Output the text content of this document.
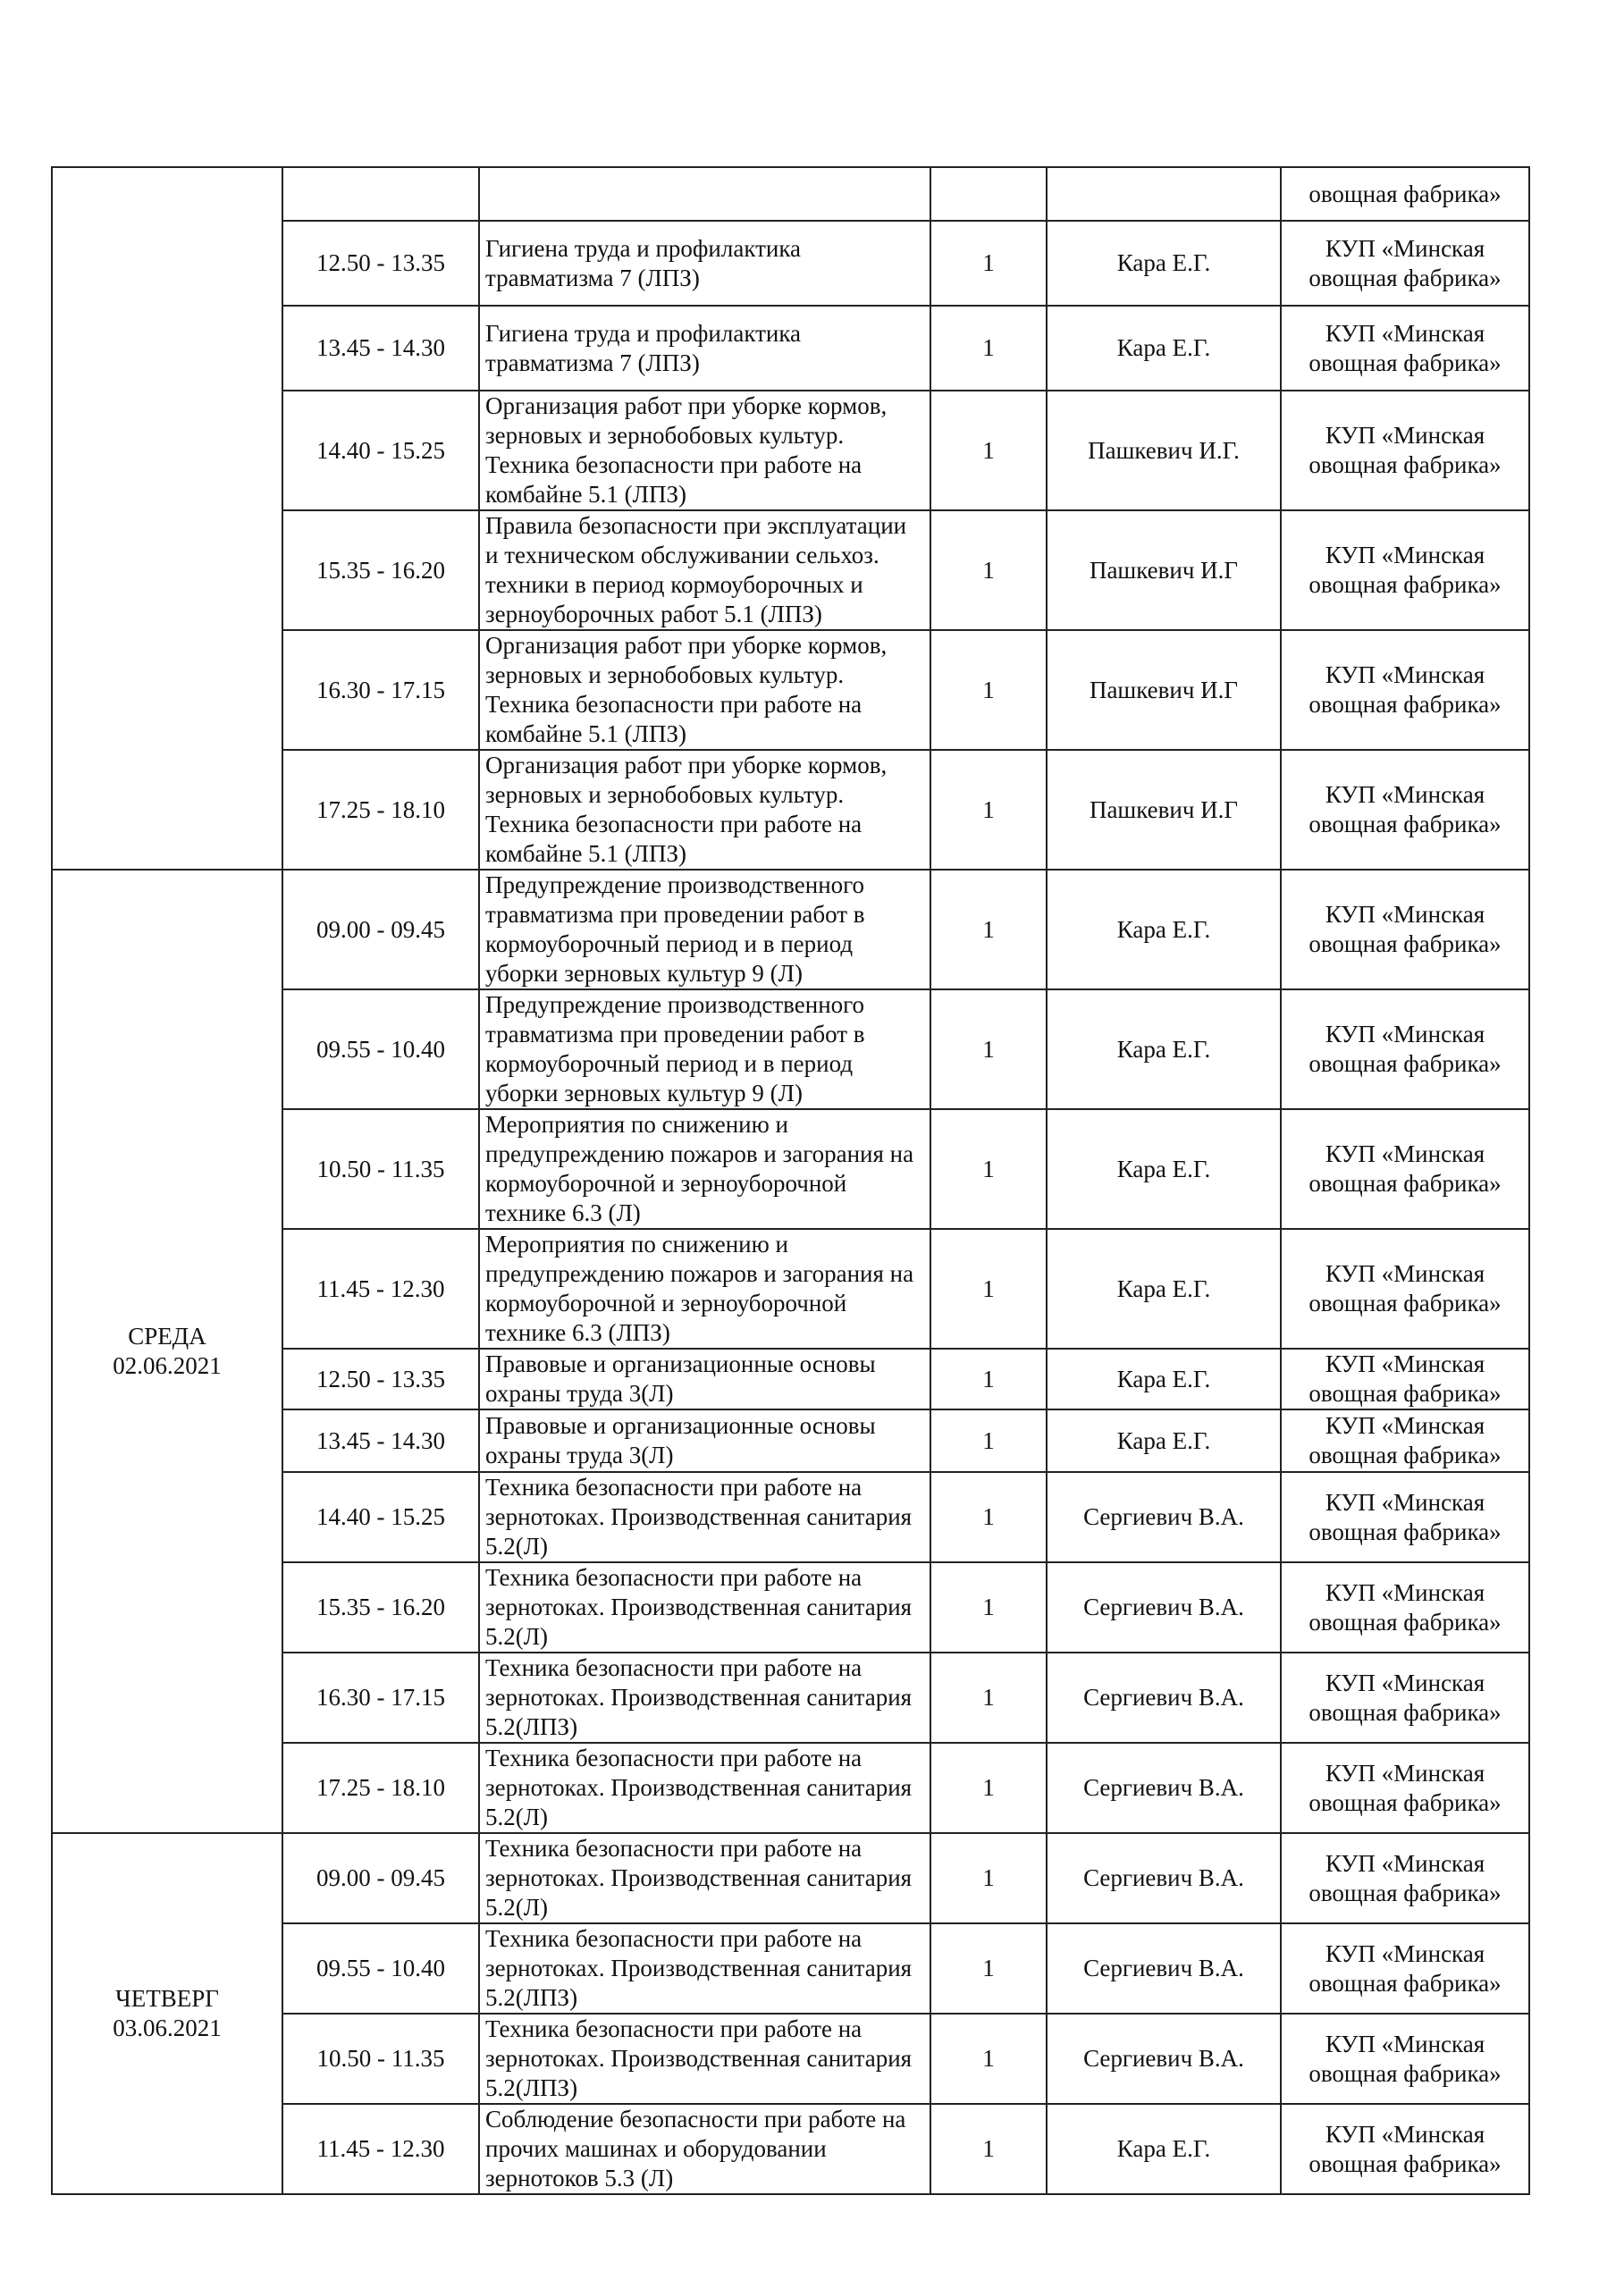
					овощная фабрика»
	12.50 - 13.35	Гигиена труда и профилактика травматизма 7 (ЛПЗ)	1	Кара Е.Г.	КУП «Минская овощная фабрика»
	13.45 - 14.30	Гигиена труда и профилактика травматизма 7 (ЛПЗ)	1	Кара Е.Г.	КУП «Минская овощная фабрика»
	14.40 - 15.25	Организация работ при уборке кормов, зерновых и зернобобовых культур. Техника безопасности при работе на комбайне 5.1 (ЛПЗ)	1	Пашкевич И.Г.	КУП «Минская овощная фабрика»
	15.35 - 16.20	Правила безопасности при эксплуатации и техническом обслуживании сельхоз. техники в период кормоуборочных и зерноуборочных работ 5.1 (ЛПЗ)	1	Пашкевич И.Г	КУП «Минская овощная фабрика»
	16.30 - 17.15	Организация работ при уборке кормов, зерновых и зернобобовых культур. Техника безопасности при работе на комбайне 5.1 (ЛПЗ)	1	Пашкевич И.Г	КУП «Минская овощная фабрика»
	17.25 - 18.10	Организация работ при уборке кормов, зерновых и зернобобовых культур. Техника безопасности при работе на комбайне 5.1 (ЛПЗ)	1	Пашкевич И.Г	КУП «Минская овощная фабрика»

СРЕДА
02.06.2021	09.00 - 09.45	Предупреждение производственного травматизма при проведении работ в кормоуборочный период и в период уборки зерновых культур 9 (Л)	1	Кара Е.Г.	КУП «Минская овощная фабрика»
	09.55 - 10.40	Предупреждение производственного травматизма при проведении работ в кормоуборочный период и в период уборки зерновых культур 9 (Л)	1	Кара Е.Г.	КУП «Минская овощная фабрика»
	10.50 - 11.35	Мероприятия по снижению и предупреждению пожаров и загорания на кормоуборочной и зерноуборочной технике 6.3 (Л)	1	Кара Е.Г.	КУП «Минская овощная фабрика»
	11.45 - 12.30	Мероприятия по снижению и предупреждению пожаров и загорания на кормоуборочной и зерноуборочной технике 6.3 (ЛПЗ)	1	Кара Е.Г.	КУП «Минская овощная фабрика»
	12.50 - 13.35	Правовые и организационные основы охраны труда 3(Л)	1	Кара Е.Г.	КУП «Минская овощная фабрика»
	13.45 - 14.30	Правовые и организационные основы охраны труда 3(Л)	1	Кара Е.Г.	КУП «Минская овощная фабрика»
	14.40 - 15.25	Техника безопасности при работе на зернотоках. Производственная санитария 5.2(Л)	1	Сергиевич В.А.	КУП «Минская овощная фабрика»
	15.35 - 16.20	Техника безопасности при работе на зернотоках. Производственная санитария 5.2(Л)	1	Сергиевич В.А.	КУП «Минская овощная фабрика»
	16.30 - 17.15	Техника безопасности при работе на зернотоках. Производственная санитария 5.2(ЛПЗ)	1	Сергиевич В.А.	КУП «Минская овощная фабрика»
	17.25 - 18.10	Техника безопасности при работе на зернотоках. Производственная санитария 5.2(Л)	1	Сергиевич В.А.	КУП «Минская овощная фабрика»

ЧЕТВЕРГ
03.06.2021	09.00 - 09.45	Техника безопасности при работе на зернотоках. Производственная санитария 5.2(Л)	1	Сергиевич В.А.	КУП «Минская овощная фабрика»
	09.55 - 10.40	Техника безопасности при работе на зернотоках. Производственная санитария 5.2(ЛПЗ)	1	Сергиевич В.А.	КУП «Минская овощная фабрика»
	10.50 - 11.35	Техника безопасности при работе на зернотоках. Производственная санитария 5.2(ЛПЗ)	1	Сергиевич В.А.	КУП «Минская овощная фабрика»
	11.45 - 12.30	Соблюдение безопасности при работе на прочих машинах и оборудовании зернотоков 5.3 (Л)	1	Кара Е.Г.	КУП «Минская овощная фабрика»
